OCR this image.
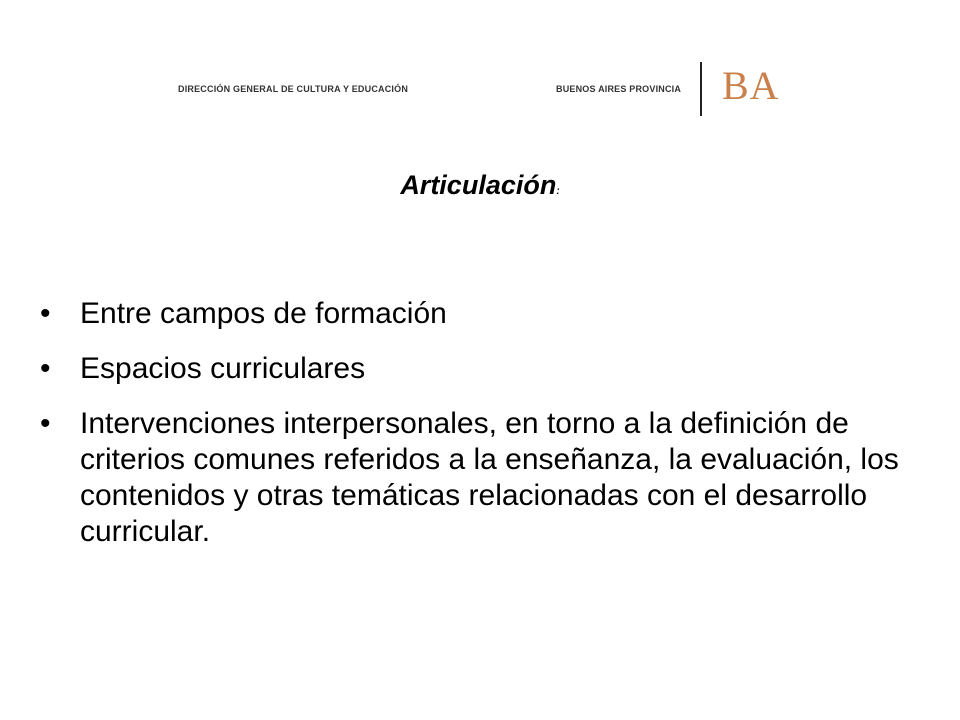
DIRECCIÓN GENERAL DE CULTURA Y EDUCACIÓN	BUENOS AIRES PROVINCIA BA
Articulación:
• Entre campos de formación
• Espacios curriculares
• Intervenciones interpersonales, en torno a la definición de criterios comunes referidos a la enseñanza, la evaluación, los contenidos y otras temáticas relacionadas con el desarrollo curricular.
